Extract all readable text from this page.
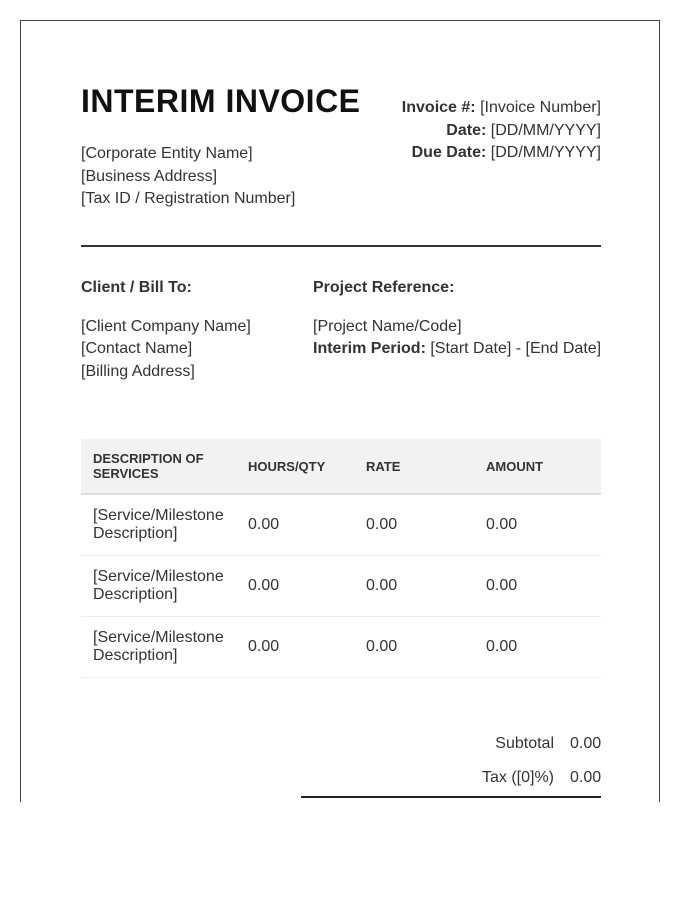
INTERIM INVOICE
[Corporate Entity Name]
[Business Address]
[Tax ID / Registration Number]
Invoice #: [Invoice Number]
Date: [DD/MM/YYYY]
Due Date: [DD/MM/YYYY]
Client / Bill To:
[Client Company Name]
[Contact Name]
[Billing Address]
Project Reference:
[Project Name/Code]
Interim Period: [Start Date] - [End Date]
DESCRIPTION OF SERVICES	HOURS/QTY	RATE	AMOUNT
[Service/Milestone Description]	0.00	0.00	0.00
[Service/Milestone Description]	0.00	0.00	0.00
[Service/Milestone Description]	0.00	0.00	0.00
Subtotal 0.00
Tax ([0]%) 0.00
